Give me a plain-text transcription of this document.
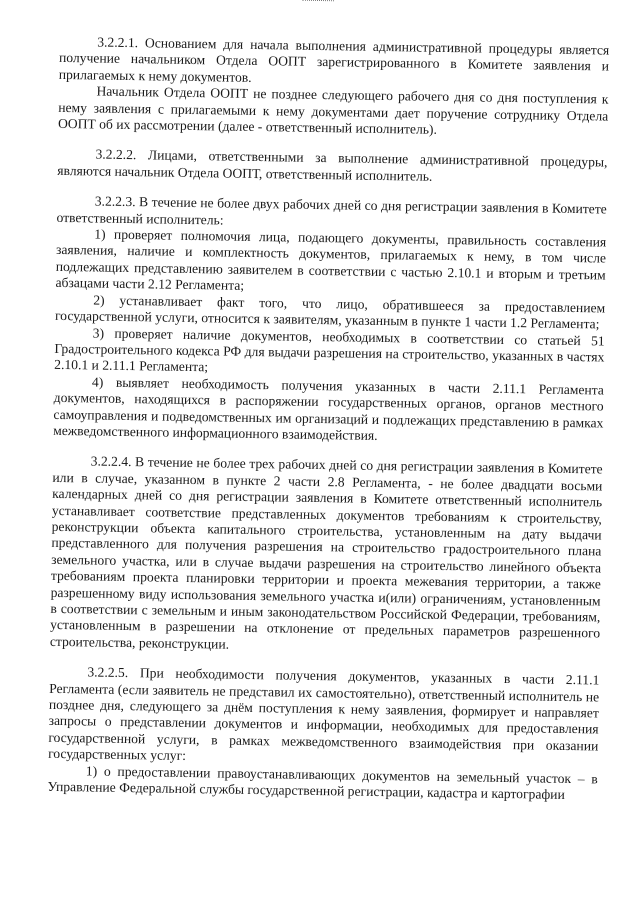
3.2.2.1. Основанием для начала выполнения административной процедуры является получение начальником Отдела ООПТ зарегистрированного в Комитете заявления и прилагаемых к нему документов.

Начальник Отдела ООПТ не позднее следующего рабочего дня со дня поступления к нему заявления с прилагаемыми к нему документами дает поручение сотруднику Отдела ООПТ об их рассмотрении (далее - ответственный исполнитель).

3.2.2.2. Лицами, ответственными за выполнение административной процедуры, являются начальник Отдела ООПТ, ответственный исполнитель.

3.2.2.3. В течение не более двух рабочих дней со дня регистрации заявления в Комитете ответственный исполнитель:

1) проверяет полномочия лица, подающего документы, правильность составления заявления, наличие и комплектность документов, прилагаемых к нему, в том числе подлежащих представлению заявителем в соответствии с частью 2.10.1 и вторым и третьим абзацами части 2.12 Регламента;

2) устанавливает факт того, что лицо, обратившееся за предоставлением государственной услуги, относится к заявителям, указанным в пункте 1 части 1.2 Регламента;

3) проверяет наличие документов, необходимых в соответствии со статьей 51 Градостроительного кодекса РФ для выдачи разрешения на строительство, указанных в частях 2.10.1 и 2.11.1 Регламента;

4) выявляет необходимость получения указанных в части 2.11.1 Регламента документов, находящихся в распоряжении государственных органов, органов местного самоуправления и подведомственных им организаций и подлежащих представлению в рамках межведомственного информационного взаимодействия.

3.2.2.4. В течение не более трех рабочих дней со дня регистрации заявления в Комитете или в случае, указанном в пункте 2 части 2.8 Регламента, - не более двадцати восьми календарных дней со дня регистрации заявления в Комитете ответственный исполнитель устанавливает соответствие представленных документов требованиям к строительству, реконструкции объекта капитального строительства, установленным на дату выдачи представленного для получения разрешения на строительство градостроительного плана земельного участка, или в случае выдачи разрешения на строительство линейного объекта требованиям проекта планировки территории и проекта межевания территории, а также разрешенному виду использования земельного участка и(или) ограничениям, установленным в соответствии с земельным и иным законодательством Российской Федерации, требованиям, установленным в разрешении на отклонение от предельных параметров разрешенного строительства, реконструкции.

3.2.2.5. При необходимости получения документов, указанных в части 2.11.1 Регламента (если заявитель не представил их самостоятельно), ответственный исполнитель не позднее дня, следующего за днём поступления к нему заявления, формирует и направляет запросы о представлении документов и информации, необходимых для предоставления государственной услуги, в рамках межведомственного взаимодействия при оказании государственных услуг:

1) о предоставлении правоустанавливающих документов на земельный участок – в Управление Федеральной службы государственной регистрации, кадастра и картографии
